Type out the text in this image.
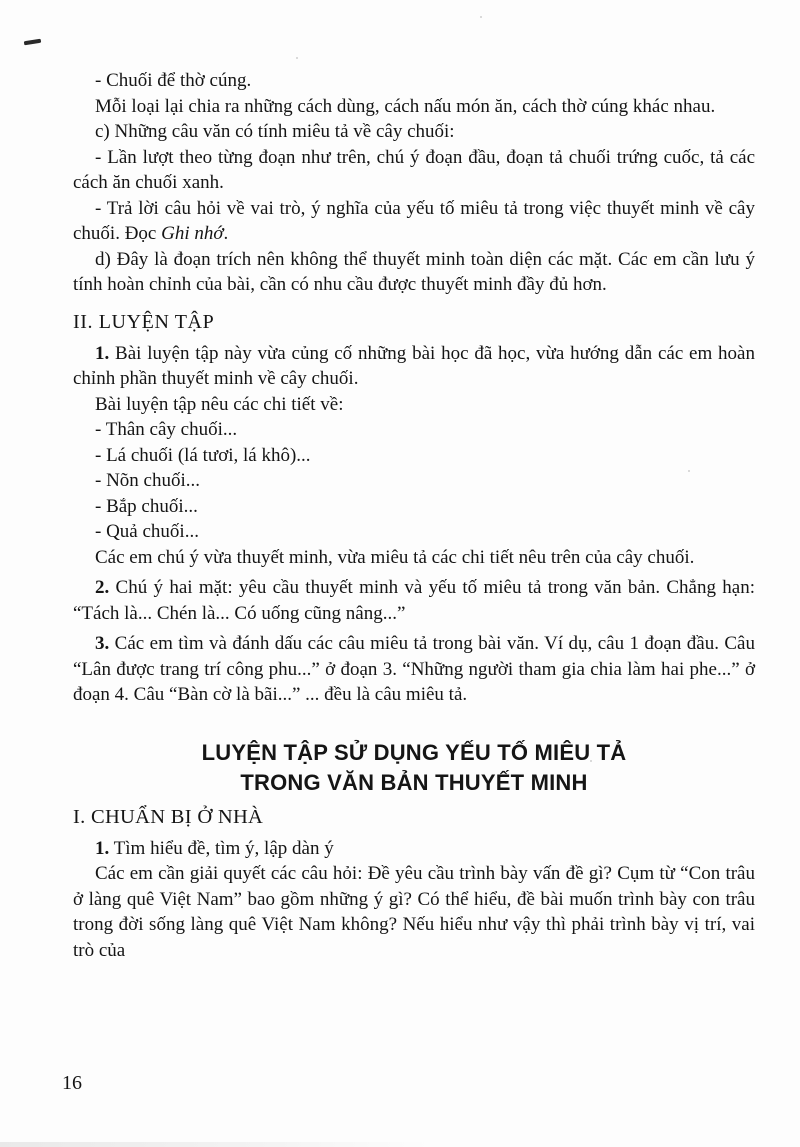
- Chuối để thờ cúng.
Mỗi loại lại chia ra những cách dùng, cách nấu món ăn, cách thờ cúng khác nhau.
c) Những câu văn có tính miêu tả về cây chuối:
- Lần lượt theo từng đoạn như trên, chú ý đoạn đầu, đoạn tả chuối trứng cuốc, tả các cách ăn chuối xanh.
- Trả lời câu hỏi về vai trò, ý nghĩa của yếu tố miêu tả trong việc thuyết minh về cây chuối. Đọc Ghi nhớ.
d) Đây là đoạn trích nên không thể thuyết minh toàn diện các mặt. Các em cần lưu ý tính hoàn chỉnh của bài, cần có nhu cầu được thuyết minh đầy đủ hơn.
II. LUYỆN TẬP
1. Bài luyện tập này vừa củng cố những bài học đã học, vừa hướng dẫn các em hoàn chỉnh phần thuyết minh về cây chuối.
Bài luyện tập nêu các chi tiết về:
- Thân cây chuối...
- Lá chuối (lá tươi, lá khô)...
- Nõn chuối...
- Bắp chuối...
- Quả chuối...
Các em chú ý vừa thuyết minh, vừa miêu tả các chi tiết nêu trên của cây chuối.
2. Chú ý hai mặt: yêu cầu thuyết minh và yếu tố miêu tả trong văn bản. Chẳng hạn: “Tách là... Chén là... Có uống cũng nâng...”
3. Các em tìm và đánh dấu các câu miêu tả trong bài văn. Ví dụ, câu 1 đoạn đầu. Câu “Lân được trang trí công phu...” ở đoạn 3. “Những người tham gia chia làm hai phe...” ở đoạn 4. Câu “Bàn cờ là bãi...” ... đều là câu miêu tả.
LUYỆN TẬP SỬ DỤNG YẾU TỐ MIÊU TẢ
TRONG VĂN BẢN THUYẾT MINH
I. CHUẨN BỊ Ở NHÀ
1. Tìm hiểu đề, tìm ý, lập dàn ý
Các em cần giải quyết các câu hỏi: Đề yêu cầu trình bày vấn đề gì? Cụm từ “Con trâu ở làng quê Việt Nam” bao gồm những ý gì? Có thể hiểu, đề bài muốn trình bày con trâu trong đời sống làng quê Việt Nam không? Nếu hiểu như vậy thì phải trình bày vị trí, vai trò của
16
